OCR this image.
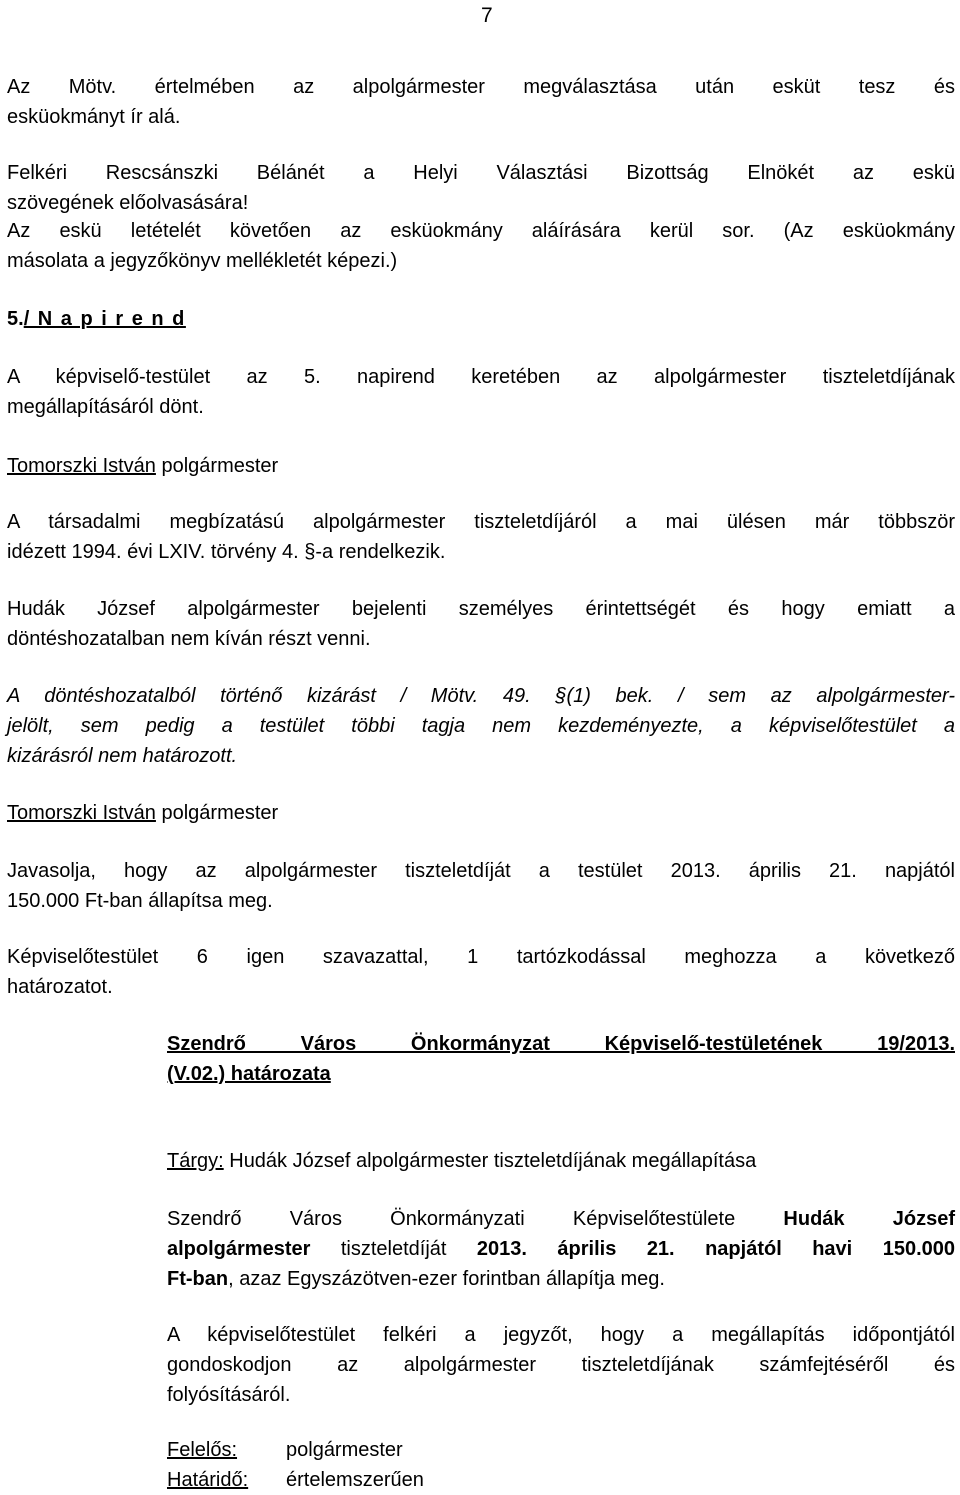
7
Az Mötv. értelmében az alpolgármester megválasztása után esküt tesz és
esküokmányt ír alá.
Felkéri Rescsánszki Bélánét a Helyi Választási Bizottság Elnökét az eskü
szövegének előolvasására!
Az eskü letételét követően az esküokmány aláírására kerül sor. (Az esküokmány
másolata a jegyzőkönyv mellékletét képezi.)
5./ N a p i r e n d
A képviselő-testület az 5. napirend keretében az alpolgármester tiszteletdíjának
megállapításáról dönt.
Tomorszki István polgármester
A társadalmi megbízatású alpolgármester tiszteletdíjáról a mai ülésen már többször
idézett 1994. évi LXIV. törvény 4. §-a rendelkezik.
Hudák József alpolgármester bejelenti személyes érintettségét és hogy emiatt a
döntéshozatalban nem kíván részt venni.
A döntéshozatalból történő kizárást / Mötv. 49. §(1) bek. / sem az alpolgármester-
jelölt, sem pedig a testület többi tagja nem kezdeményezte, a képviselőtestület a
kizárásról nem határozott.
Tomorszki István polgármester
Javasolja, hogy az alpolgármester tiszteletdíját a testület 2013. április 21. napjától
150.000 Ft-ban állapítsa meg.
Képviselőtestület 6 igen szavazattal, 1 tartózkodással meghozza a következő
határozatot.
Szendrő Város Önkormányzat Képviselő-testületének 19/2013.
(V.02.) határozata
Tárgy: Hudák József alpolgármester tiszteletdíjának megállapítása
Szendrő Város Önkormányzati Képviselőtestülete Hudák József
alpolgármester tiszteletdíját 2013. április 21. napjától havi 150.000
Ft-ban, azaz Egyszázötven-ezer forintban állapítja meg.
A képviselőtestület felkéri a jegyzőt, hogy a megállapítás időpontjától
gondoskodjon az alpolgármester tiszteletdíjának számfejtéséről és
folyósításáról.
Felelős:	polgármester
Határidő:	értelemszerűen
